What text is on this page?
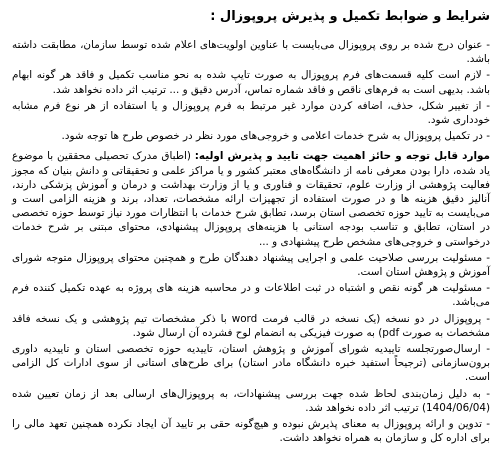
شرایط و ضوابط تکمیل و پذیرش پروپوزال :
- عنوان درج شده بر روی پروپوزال می‌بایست با عناوین اولویت‌های اعلام شده توسط سازمان، مطابقت داشته باشد.
- لازم است کلیه قسمت‌های فرم پروپوزال به صورت تایپ شده به نحو مناسب تکمیل و فاقد هر گونه ابهام باشد. بدیهی است به فرم‌های ناقص و فاقد شماره تماس، آدرس دقیق و ... ترتیب اثر داده نخواهد شد.
- از تغییر شکل، حذف، اضافه کردن موارد غیر مرتبط به فرم پروپوزال و یا استفاده از هر نوع فرم مشابه خودداری شود.
- در تکمیل پروپوزال به شرح خدمات اعلامی و خروجی‌های مورد نظر در خصوص طرح ها توجه شود.
موارد قابل توجه و حائز اهمیت جهت تایید و پذیرش اولیه: (اطباق مدرک تحصیلی محققین با موضوع یاد شده، دارا بودن معرفی نامه از دانشگاه‌های معتبر کشور و یا مراکز علمی و تحقیقاتی و دانش بنیان که مجوز فعالیت پژوهشی از وزارت علوم، تحقیقات و فناوری و یا از وزارت بهداشت و درمان و آموزش پزشکی دارند، آنالیز دقیق هزینه ها و در صورت استفاده از تجهیزات ارائه مشخصات، تعداد، برند و هزینه الزامی است و می‌بایست به تایید حوزه تخصصی استان برسد، تطابق شرح خدمات با انتظارات مورد نیاز توسط حوزه تخصصی در استان، تطابق و تناسب بودجه استانی با هزینه‌های پروپوزال پیشنهادی، محتوای مبتنی بر شرح خدمات درخواستی و خروجی‌های مشخص طرح پیشنهادی و ...
- مسئولیت بررسی صلاحیت علمی و اجرایی پیشنهاد دهندگان طرح و همچنین محتوای پروپوزال متوجه شورای آموزش و پژوهش استان است.
- مسئولیت هر گونه نقص و اشتباه در ثبت اطلاعات و در محاسبه هزینه های پروژه به عهده تکمیل کننده فرم می‌باشد.
- پروپوزال در دو نسخه (یک نسخه در قالب فرمت word با ذکر مشخصات تیم پژوهشی و یک نسخه فاقد مشخصات به صورت pdf) به صورت فیزیکی به انضمام لوح فشرده آن ارسال شود.
- ارسال‌صورتجلسه تاییدیه شورای آموزش و پژوهش استان، تاییدیه حوزه تخصصی استان و تاییدیه داوری برون‌سازمانی (ترجیحاً استفید خبره دانشگاه مادر استان) برای طرح‌های استانی از سوی ادارات کل الزامی است.
- به دلیل زمان‌بندی لحاظ شده جهت بررسی پیشنهادات، به پروپوزال‌های ارسالی بعد از زمان تعیین شده (1404/06/04) ترتیب اثر داده نخواهد شد.
- تدوین و ارائه پروپوزال به معنای پذیرش نبوده و هیچ‌گونه حقی بر تایید آن ایجاد نکرده همچنین تعهد مالی را برای اداره کل و سازمان به همراه نخواهد داشت.
